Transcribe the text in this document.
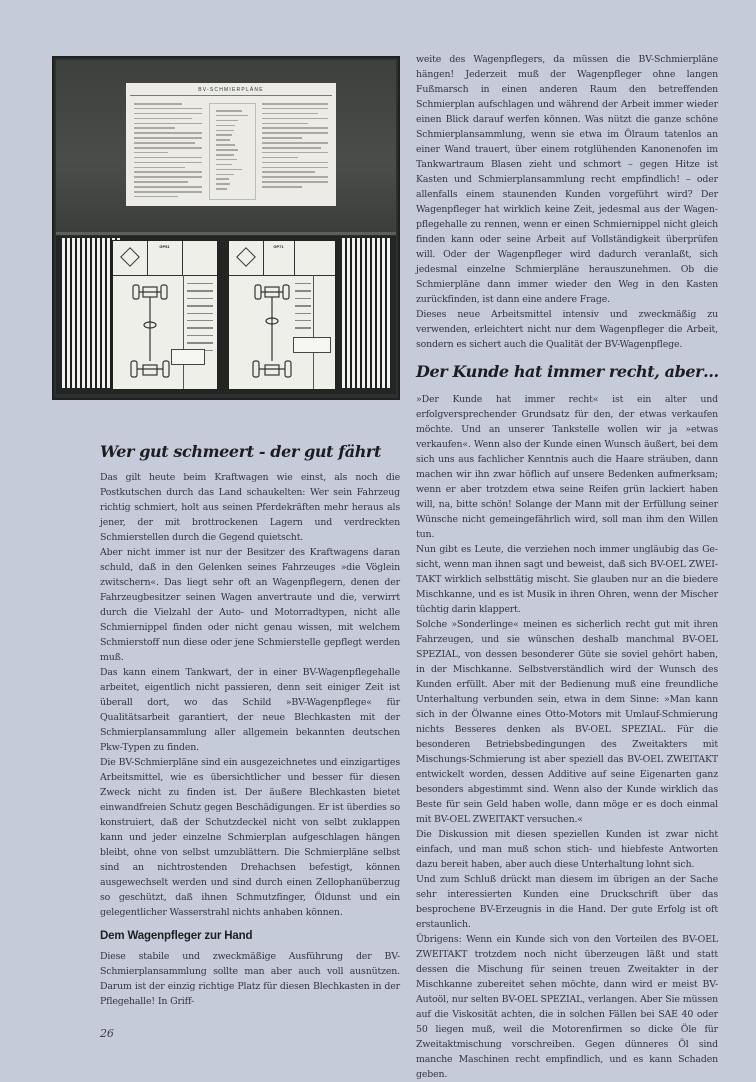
BV-SCHMIERPLÄNE
GP51	GP71

weite des Wagenpflegers, da müssen die BV-Schmierpläne hängen! Jederzeit muß der Wagenpfleger ohne langen Fußmarsch in einen anderen Raum den betreffenden Schmierplan aufschlagen und während der Arbeit immer wieder einen Blick darauf werfen können. Was nützt die ganze schöne Schmierplansammlung, wenn sie etwa im Ölraum tatenlos an einer Wand trauert, über einem rotglühenden Kanonenofen im Tankwartraum Blasen zieht und schmort – gegen Hitze ist Kasten und Schmierplansammlung recht empfindlich! – oder allenfalls einem staunenden Kunden vorgeführt wird? Der Wagenpfleger hat wirklich keine Zeit, jedesmal aus der Wagenpflegehalle zu rennen, wenn er einen Schmiernippel nicht gleich finden kann oder seine Arbeit auf Vollständigkeit überprüfen will. Oder der Wagenpfleger wird dadurch veranlaßt, sich jedesmal einzelne Schmierpläne herauszunehmen. Ob die Schmierpläne dann immer wieder den Weg in den Kasten zurückfinden, ist dann eine andere Frage.

Dieses neue Arbeitsmittel intensiv und zweckmäßig zu verwenden, erleichtert nicht nur dem Wagenpfleger die Arbeit, sondern es sichert auch die Qualität der BV-Wagenpflege.

Der Kunde hat immer recht, aber…

»Der Kunde hat immer recht« ist ein alter und erfolgversprechender Grundsatz für den, der etwas verkaufen möchte. Und an unserer Tankstelle wollen wir ja »etwas verkaufen«. Wenn also der Kunde einen Wunsch äußert, bei dem sich uns aus fachlicher Kenntnis auch die Haare sträuben, dann machen wir ihn zwar höflich auf unsere Bedenken aufmerksam; wenn er aber trotzdem etwa seine Reifen grün lackiert haben will, na, bitte schön! Solange der Mann mit der Erfüllung seiner Wünsche nicht gemeingefährlich wird, soll man ihm den Willen tun.

Nun gibt es Leute, die verziehen noch immer ungläubig das Gesicht, wenn man ihnen sagt und beweist, daß sich BV-OEL ZWEITAKT wirklich selbsttätig mischt. Sie glauben nur an die biedere Mischkanne, und es ist Musik in ihren Ohren, wenn der Mischer tüchtig darin klappert.

Solche »Sonderlinge« meinen es sicherlich recht gut mit ihren Fahrzeugen, und sie wünschen deshalb manchmal BV-OEL SPEZIAL, von dessen besonderer Güte sie soviel gehört haben, in der Mischkanne. Selbstverständlich wird der Wunsch des Kunden erfüllt. Aber mit der Bedienung muß eine freundliche Unterhaltung verbunden sein, etwa in dem Sinne: »Man kann sich in der Ölwanne eines Otto-Motors mit Umlauf-Schmierung nichts Besseres denken als BV-OEL SPEZIAL. Für die besonderen Betriebsbedingungen des Zweitakters mit Mischungs-Schmierung ist aber speziell das BV-OEL ZWEITAKT entwickelt worden, dessen Additive auf seine Eigenarten ganz besonders abgestimmt sind. Wenn also der Kunde wirklich das Beste für sein Geld haben wolle, dann möge er es doch einmal mit BV-OEL ZWEITAKT versuchen.«

Die Diskussion mit diesen speziellen Kunden ist zwar nicht einfach, und man muß schon stich- und hiebfeste Antworten dazu bereit haben, aber auch diese Unterhaltung lohnt sich.

Und zum Schluß drückt man diesem im übrigen an der Sache sehr interessierten Kunden eine Druckschrift über das besprochene BV-Erzeugnis in die Hand. Der gute Erfolg ist oft erstaunlich.

Übrigens: Wenn ein Kunde sich von den Vorteilen des BV-OEL ZWEITAKT trotzdem noch nicht überzeugen läßt und statt dessen die Mischung für seinen treuen Zweitakter in der Mischkanne zubereitet sehen möchte, dann wird er meist BV-Autoöl, nur selten BV-OEL SPEZIAL, verlangen. Aber Sie müssen auf die Viskosität achten, die in solchen Fällen bei SAE 40 oder 50 liegen muß, weil die Motorenfirmen so dicke Öle für Zweitaktmischung vorschreiben. Gegen dünneres Öl sind manche Maschinen recht empfindlich, und es kann Schaden geben.

Wer gut schmeert - der gut fährt

Das gilt heute beim Kraftwagen wie einst, als noch die Postkutschen durch das Land schaukelten: Wer sein Fahrzeug richtig schmiert, holt aus seinen Pferdekräften mehr heraus als jener, der mit brottrockenen Lagern und verdreckten Schmierstellen durch die Gegend quietscht.

Aber nicht immer ist nur der Besitzer des Kraftwagens daran schuld, daß in den Gelenken seines Fahrzeuges »die Vöglein zwitschern«. Das liegt sehr oft an Wagenpflegern, denen der Fahrzeugbesitzer seinen Wagen anvertraute und die, verwirrt durch die Vielzahl der Auto- und Motorradtypen, nicht alle Schmiernippel finden oder nicht genau wissen, mit welchem Schmierstoff nun diese oder jene Schmierstelle gepflegt werden muß.

Das kann einem Tankwart, der in einer BV-Wagenpflegehalle arbeitet, eigentlich nicht passieren, denn seit einiger Zeit ist überall dort, wo das Schild »BV-Wagenpflege« für Qualitätsarbeit garantiert, der neue Blechkasten mit der Schmierplansammlung aller allgemein bekannten deutschen Pkw-Typen zu finden.

Die BV-Schmierpläne sind ein ausgezeichnetes und einzigartiges Arbeitsmittel, wie es übersichtlicher und besser für diesen Zweck nicht zu finden ist. Der äußere Blechkasten bietet einwandfreien Schutz gegen Beschädigungen. Er ist überdies so konstruiert, daß der Schutzdeckel nicht von selbt zuklappen kann und jeder einzelne Schmierplan aufgeschlagen hängen bleibt, ohne von selbst umzublättern. Die Schmierpläne selbst sind an nichtrostenden Drehachsen befestigt, können ausgewechselt werden und sind durch einen Zellophanüberzug so geschützt, daß ihnen Schmutzfinger, Öldunst und ein gelegentlicher Wasserstrahl nichts anhaben können.

Dem Wagenpfleger zur Hand

Diese stabile und zweckmäßige Ausführung der BV-Schmierplansammlung sollte man aber auch voll ausnützen. Darum ist der einzig richtige Platz für diesen Blechkasten in der Pflegehalle! In Griff-

26
